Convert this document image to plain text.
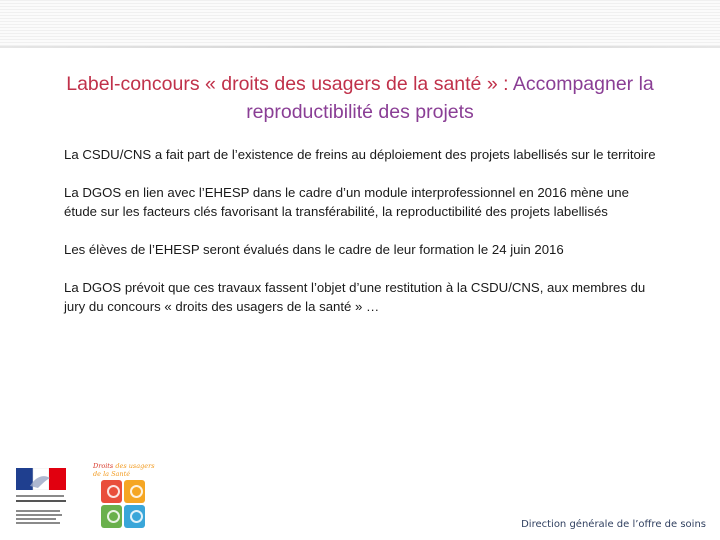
Label-concours « droits des usagers de la santé » : Accompagner la reproductibilité des projets

La CSDU/CNS a fait part de l’existence de freins au déploiement des projets labellisés sur le territoire

La DGOS en lien avec l’EHESP dans le cadre d’un module interprofessionnel en 2016 mène une étude sur les facteurs clés favorisant la transférabilité, la reproductibilité des projets labellisés

Les élèves de l’EHESP seront évalués dans le cadre de leur formation le 24 juin 2016

La DGOS prévoit que ces travaux fassent l’objet d’une restitution à la CSDU/CNS, aux membres du jury du concours « droits des usagers de la santé » …

Droits des usagers
de la Santé
Direction générale de l’offre de soins
